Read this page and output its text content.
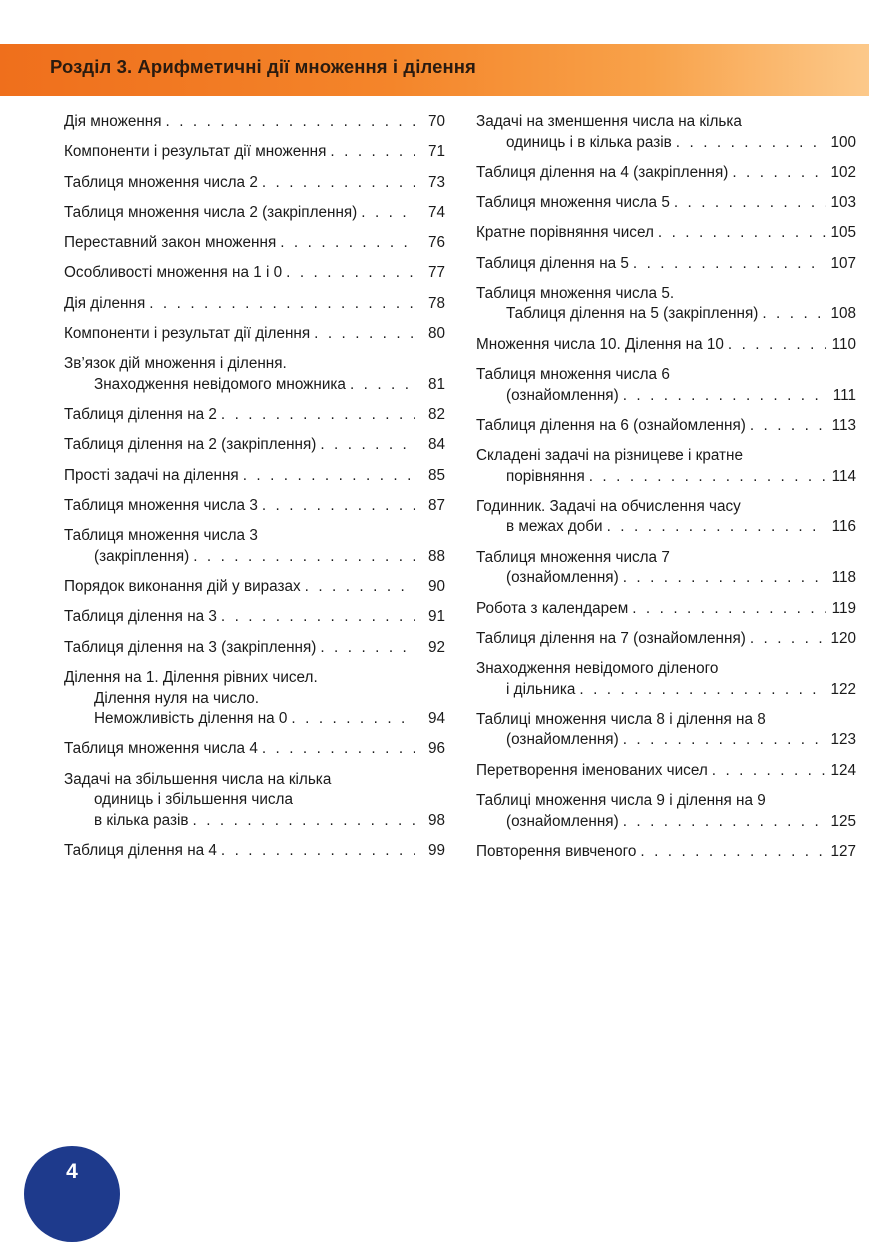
Розділ 3. Арифметичні дії множення і ділення
Дія множення . . .	70
Компоненти і результат дії множення . . .	71
Таблиця множення числа 2 . . .	73
Таблиця множення числа 2 (закріплення) . . .	74
Переставний закон множення . . .	76
Особливості множення на 1 і 0 . . .	77
Дія ділення . . .	78
Компоненти і результат дії ділення . . .	80
Зв’язок дій множення і ділення.
Знаходження невідомого множника . . .	81
Таблиця ділення на 2 . . .	82
Таблиця ділення на 2 (закріплення) . . .	84
Прості задачі на ділення . . .	85
Таблиця множення числа 3 . . .	87
Таблиця множення числа 3
(закріплення) . . .	88
Порядок виконання дій у виразах . . .	90
Таблиця ділення на 3 . . .	91
Таблиця ділення на 3 (закріплення) . . .	92
Ділення на 1. Ділення рівних чисел.
Ділення нуля на число.
Неможливість ділення на 0 . . .	94
Таблиця множення числа 4 . . .	96
Задачі на збільшення числа на кілька
одиниць і збільшення числа
в кілька разів . . .	98
Таблиця ділення на 4 . . .	99
Задачі на зменшення числа на кілька
одиниць і в кілька разів . . .	100
Таблиця ділення на 4 (закріплення) . . .	102
Таблиця множення числа 5 . . .	103
Кратне порівняння чисел . . .	105
Таблиця ділення на 5 . . .	107
Таблиця множення числа 5.
Таблиця ділення на 5 (закріплення) . . .	108
Множення числа 10. Ділення на 10 . . .	110
Таблиця множення числа 6
(ознайомлення) . . .	111
Таблиця ділення на 6 (ознайомлення) . . .	113
Складені задачі на різницеве і кратне
порівняння . . .	114
Годинник. Задачі на обчислення часу
в межах доби . . .	116
Таблиця множення числа 7
(ознайомлення) . . .	118
Робота з календарем . . .	119
Таблиця ділення на 7 (ознайомлення) . . .	120
Знаходження невідомого діленого
і дільника . . .	122
Таблиці множення числа 8 і ділення на 8
(ознайомлення) . . .	123
Перетворення іменованих чисел . . .	124
Таблиці множення числа 9 і ділення на 9
(ознайомлення) . . .	125
Повторення вивченого . . .	127
4
